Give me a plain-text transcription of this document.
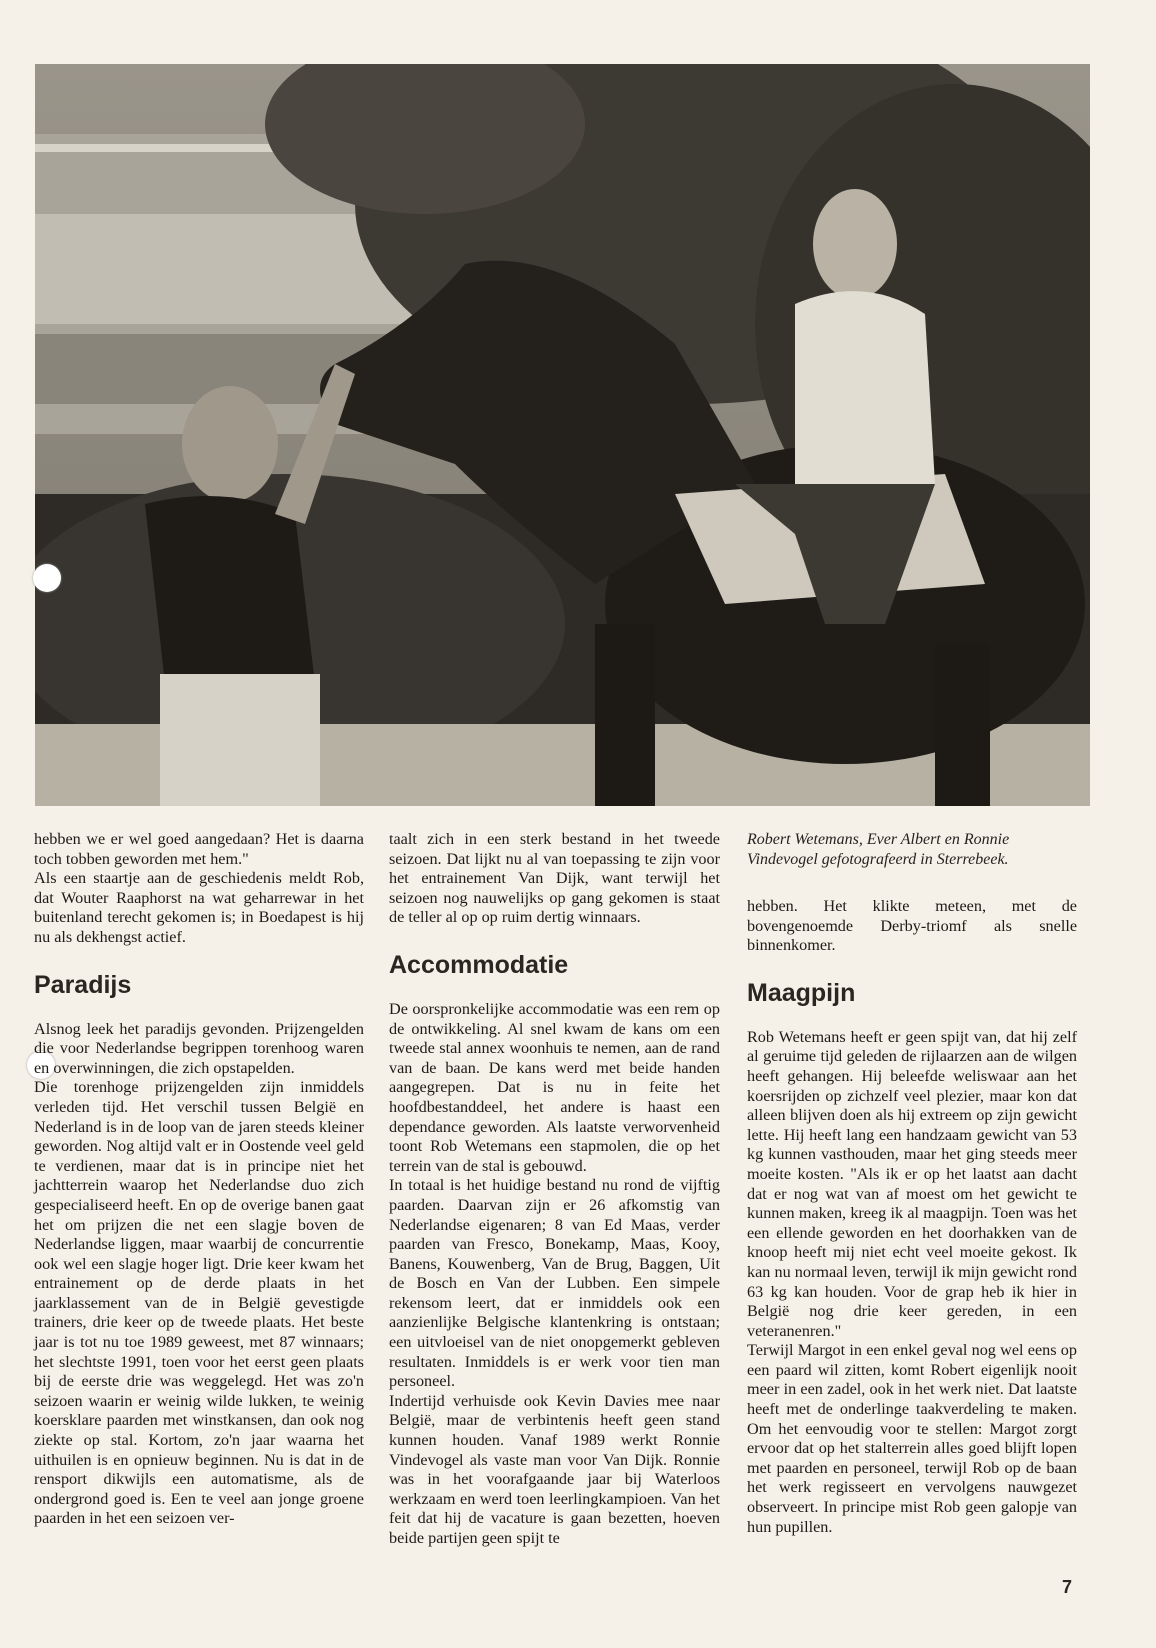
hebben we er wel goed aangedaan? Het is daarna toch tobben geworden met hem."

Als een staartje aan de geschiedenis meldt Rob, dat Wouter Raaphorst na wat geharrewar in het buitenland terecht gekomen is; in Boedapest is hij nu als dekhengst actief.

Paradijs

Alsnog leek het paradijs gevonden. Prijzengelden die voor Nederlandse begrippen torenhoog waren en overwinningen, die zich opstapelden.

Die torenhoge prijzengelden zijn inmiddels verleden tijd. Het verschil tussen België en Nederland is in de loop van de jaren steeds kleiner geworden. Nog altijd valt er in Oostende veel geld te verdienen, maar dat is in principe niet het jachtterrein waarop het Nederlandse duo zich gespecialiseerd heeft. En op de overige banen gaat het om prijzen die net een slagje boven de Nederlandse liggen, maar waarbij de concurrentie ook wel een slagje hoger ligt. Drie keer kwam het entrainement op de derde plaats in het jaarklassement van de in België gevestigde trainers, drie keer op de tweede plaats. Het beste jaar is tot nu toe 1989 geweest, met 87 winnaars; het slechtste 1991, toen voor het eerst geen plaats bij de eerste drie was weggelegd. Het was zo'n seizoen waarin er weinig wilde lukken, te weinig koersklare paarden met winstkansen, dan ook nog ziekte op stal. Kortom, zo'n jaar waarna het uithuilen is en opnieuw beginnen. Nu is dat in de rensport dikwijls een automatisme, als de ondergrond goed is. Een te veel aan jonge groene paarden in het een seizoen ver-

taalt zich in een sterk bestand in het tweede seizoen. Dat lijkt nu al van toepassing te zijn voor het entrainement Van Dijk, want terwijl het seizoen nog nauwelijks op gang gekomen is staat de teller al op op ruim dertig winnaars.

Accommodatie

De oorspronkelijke accommodatie was een rem op de ontwikkeling. Al snel kwam de kans om een tweede stal annex woonhuis te nemen, aan de rand van de baan. De kans werd met beide handen aangegrepen. Dat is nu in feite het hoofdbestanddeel, het andere is haast een dependance geworden. Als laatste verworvenheid toont Rob Wetemans een stapmolen, die op het terrein van de stal is gebouwd.

In totaal is het huidige bestand nu rond de vijftig paarden. Daarvan zijn er 26 afkomstig van Nederlandse eigenaren; 8 van Ed Maas, verder paarden van Fresco, Bonekamp, Maas, Kooy, Banens, Kouwenberg, Van de Brug, Baggen, Uit de Bosch en Van der Lubben. Een simpele rekensom leert, dat er inmiddels ook een aanzienlijke Belgische klantenkring is ontstaan; een uitvloeisel van de niet onopgemerkt gebleven resultaten. Inmiddels is er werk voor tien man personeel.

Indertijd verhuisde ook Kevin Davies mee naar België, maar de verbintenis heeft geen stand kunnen houden. Vanaf 1989 werkt Ronnie Vindevogel als vaste man voor Van Dijk. Ronnie was in het voorafgaande jaar bij Waterloos werkzaam en werd toen leerlingkampioen. Van het feit dat hij de vacature is gaan bezetten, hoeven beide partijen geen spijt te

Robert Wetemans, Ever Albert en Ronnie Vindevogel gefotografeerd in Sterrebeek.

hebben. Het klikte meteen, met de bovengenoemde Derby-triomf als snelle binnenkomer.

Maagpijn

Rob Wetemans heeft er geen spijt van, dat hij zelf al geruime tijd geleden de rijlaarzen aan de wilgen heeft gehangen. Hij beleefde weliswaar aan het koersrijden op zichzelf veel plezier, maar kon dat alleen blijven doen als hij extreem op zijn gewicht lette. Hij heeft lang een handzaam gewicht van 53 kg kunnen vasthouden, maar het ging steeds meer moeite kosten. "Als ik er op het laatst aan dacht dat er nog wat van af moest om het gewicht te kunnen maken, kreeg ik al maagpijn. Toen was het een ellende geworden en het doorhakken van de knoop heeft mij niet echt veel moeite gekost. Ik kan nu normaal leven, terwijl ik mijn gewicht rond 63 kg kan houden. Voor de grap heb ik hier in België nog drie keer gereden, in een veteranenren."

Terwijl Margot in een enkel geval nog wel eens op een paard wil zitten, komt Robert eigenlijk nooit meer in een zadel, ook in het werk niet. Dat laatste heeft met de onderlinge taakverdeling te maken. Om het eenvoudig voor te stellen: Margot zorgt ervoor dat op het stalterrein alles goed blijft lopen met paarden en personeel, terwijl Rob op de baan het werk regisseert en vervolgens nauwgezet observeert. In principe mist Rob geen galopje van hun pupillen.

7
